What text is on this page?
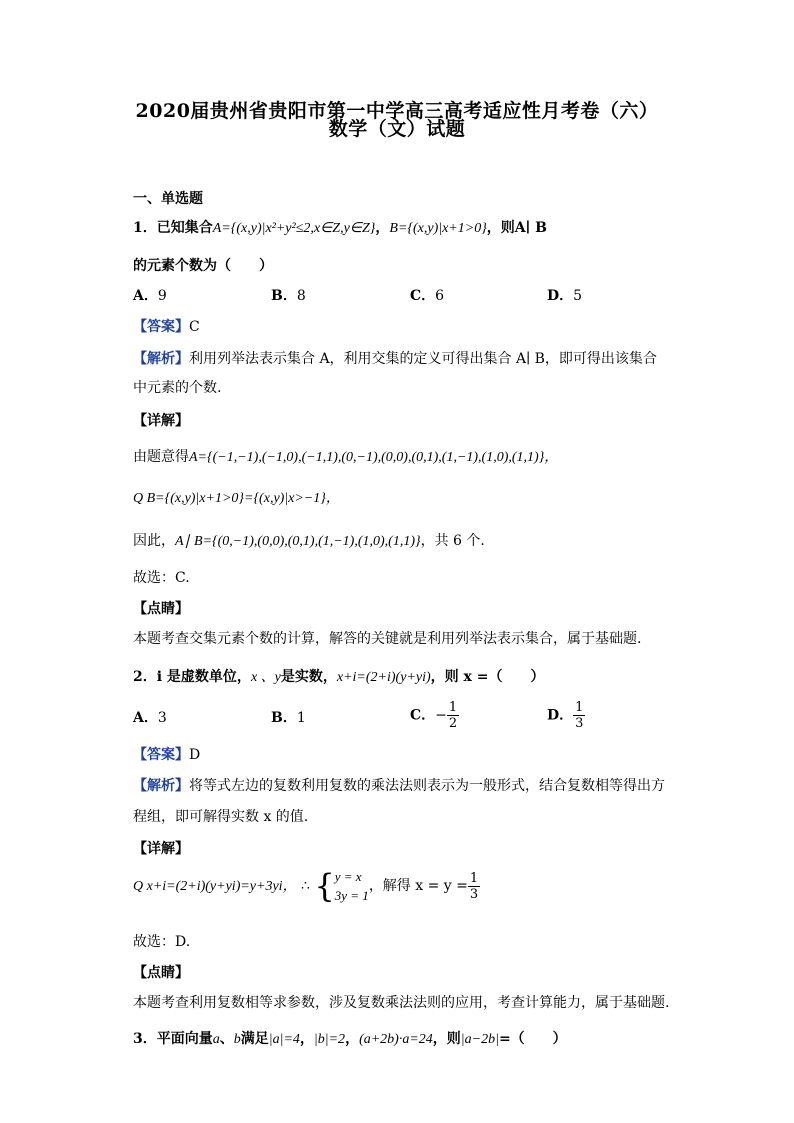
2020届贵州省贵阳市第一中学高三高考适应性月考卷（六）
数学（文）试题
一、单选题
1．已知集合A={(x,y)|x²+y²≤2,x∈Z,y∈Z}，B={(x,y)|x+1>0}，则A∣ B
的元素个数为（　　）
A．9	B．8	C．6	D．5
【答案】C
【解析】利用列举法表示集合 A，利用交集的定义可得出集合 A∣ B，即可得出该集合
中元素的个数.
【详解】
由题意得A={(−1,−1),(−1,0),(−1,1),(0,−1),(0,0),(0,1),(1,−1),(1,0),(1,1)}，
Q B={(x,y)|x+1>0}={(x,y)|x>−1}，
因此，A∣ B={(0,−1),(0,0),(0,1),(1,−1),(1,0),(1,1)}，共 6 个.
故选：C.
【点睛】
本题考查交集元素个数的计算，解答的关键就是利用列举法表示集合，属于基础题.
2．i 是虚数单位，x 、y是实数，x+i=(2+i)(y+yi)，则 x =（　　）
A．3	B．1	C．− $\frac{1}{2}$	D． $\frac{1}{3}$
【答案】D
【解析】将等式左边的复数利用复数的乘法法则表示为一般形式，结合复数相等得出方
程组，即可解得实数 x 的值.
【详解】
Q x+i=(2+i)(y+yi)=y+3yi， ∴ { y = x
3y = 1
，解得 $x = y = \frac{1}{3}$
故选：D.
【点睛】
本题考查利用复数相等求参数，涉及复数乘法法则的应用，考查计算能力，属于基础题.
3．平面向量a、b满足|a|=4，|b|=2，(a+2b)·a=24，则|a−2b|=（　　）
